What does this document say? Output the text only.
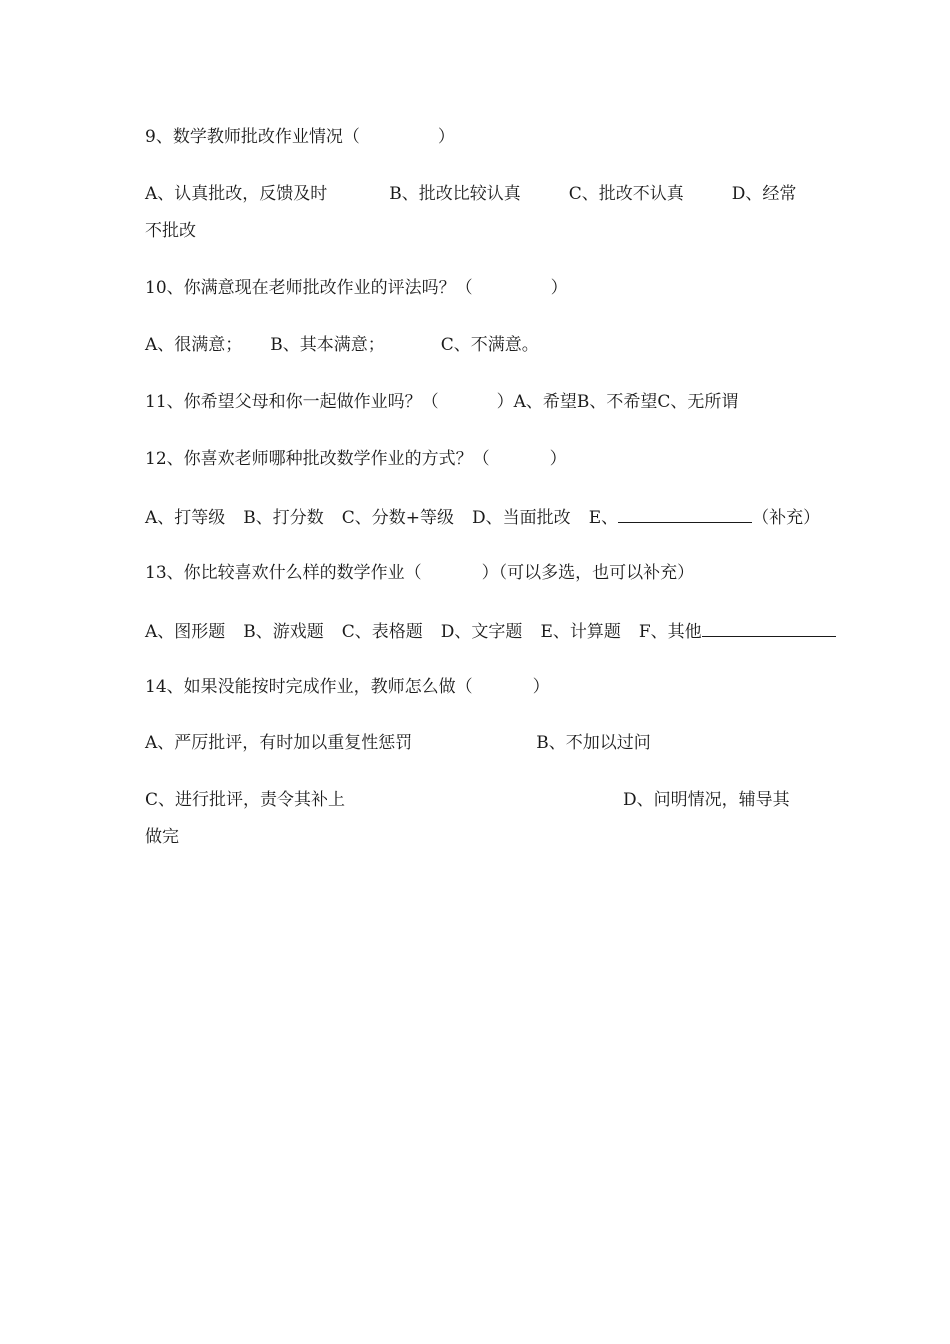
9、数学教师批改作业情况（	）
A、认真批改，反馈及时	B、批改比较认真	C、批改不认真	D、经常
不批改
10、你满意现在老师批改作业的评法吗？（	）
A、很满意； B、其本满意；	C、不满意。
11、你希望父母和你一起做作业吗？（	）A、希望B、不希望C、无所谓
12、你喜欢老师哪种批改数学作业的方式？（	）
A、打等级 B、打分数 C、分数+等级 D、当面批改 E、	（补充）
13、你比较喜欢什么样的数学作业（	）（可以多选，也可以补充）
A、图形题 B、游戏题 C、表格题 D、文字题 E、计算题 F、其他
14、如果没能按时完成作业，教师怎么做（	）
A、严厉批评，有时加以重复性惩罚	B、不加以过问
C、进行批评，责令其补上	D、问明情况，辅导其
做完
